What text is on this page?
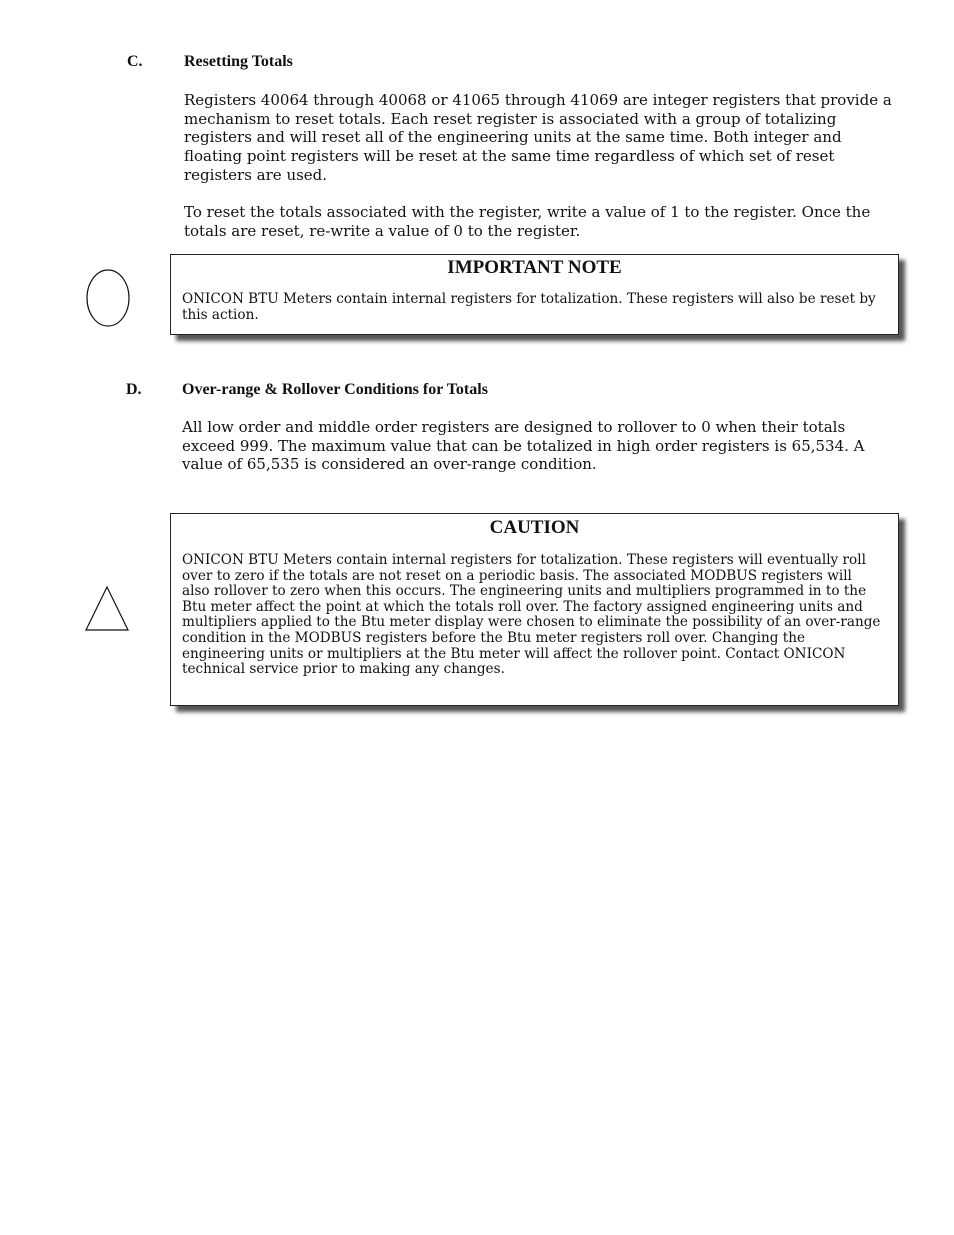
C.	Resetting Totals

Registers 40064 through 40068 or 41065 through 41069 are integer registers that provide a mechanism to reset totals. Each reset register is associated with a group of totalizing registers and will reset all of the engineering units at the same time. Both integer and floating point registers will be reset at the same time regardless of which set of reset registers are used.

To reset the totals associated with the register, write a value of 1 to the register. Once the totals are reset, re-write a value of 0 to the register.

IMPORTANT NOTE

ONICON BTU Meters contain internal registers for totalization. These registers will also be reset by this action.

D.	Over-range & Rollover Conditions for Totals

All low order and middle order registers are designed to rollover to 0 when their totals exceed 999. The maximum value that can be totalized in high order registers is 65,534. A value of 65,535 is considered an over-range condition.

CAUTION

ONICON BTU Meters contain internal registers for totalization. These registers will eventually roll over to zero if the totals are not reset on a periodic basis. The associated MODBUS registers will also rollover to zero when this occurs. The engineering units and multipliers programmed in to the Btu meter affect the point at which the totals roll over. The factory assigned engineering units and multipliers applied to the Btu meter display were chosen to eliminate the possibility of an over-range condition in the MODBUS registers before the Btu meter registers roll over. Changing the engineering units or multipliers at the Btu meter will affect the rollover point. Contact ONICON technical service prior to making any changes.
